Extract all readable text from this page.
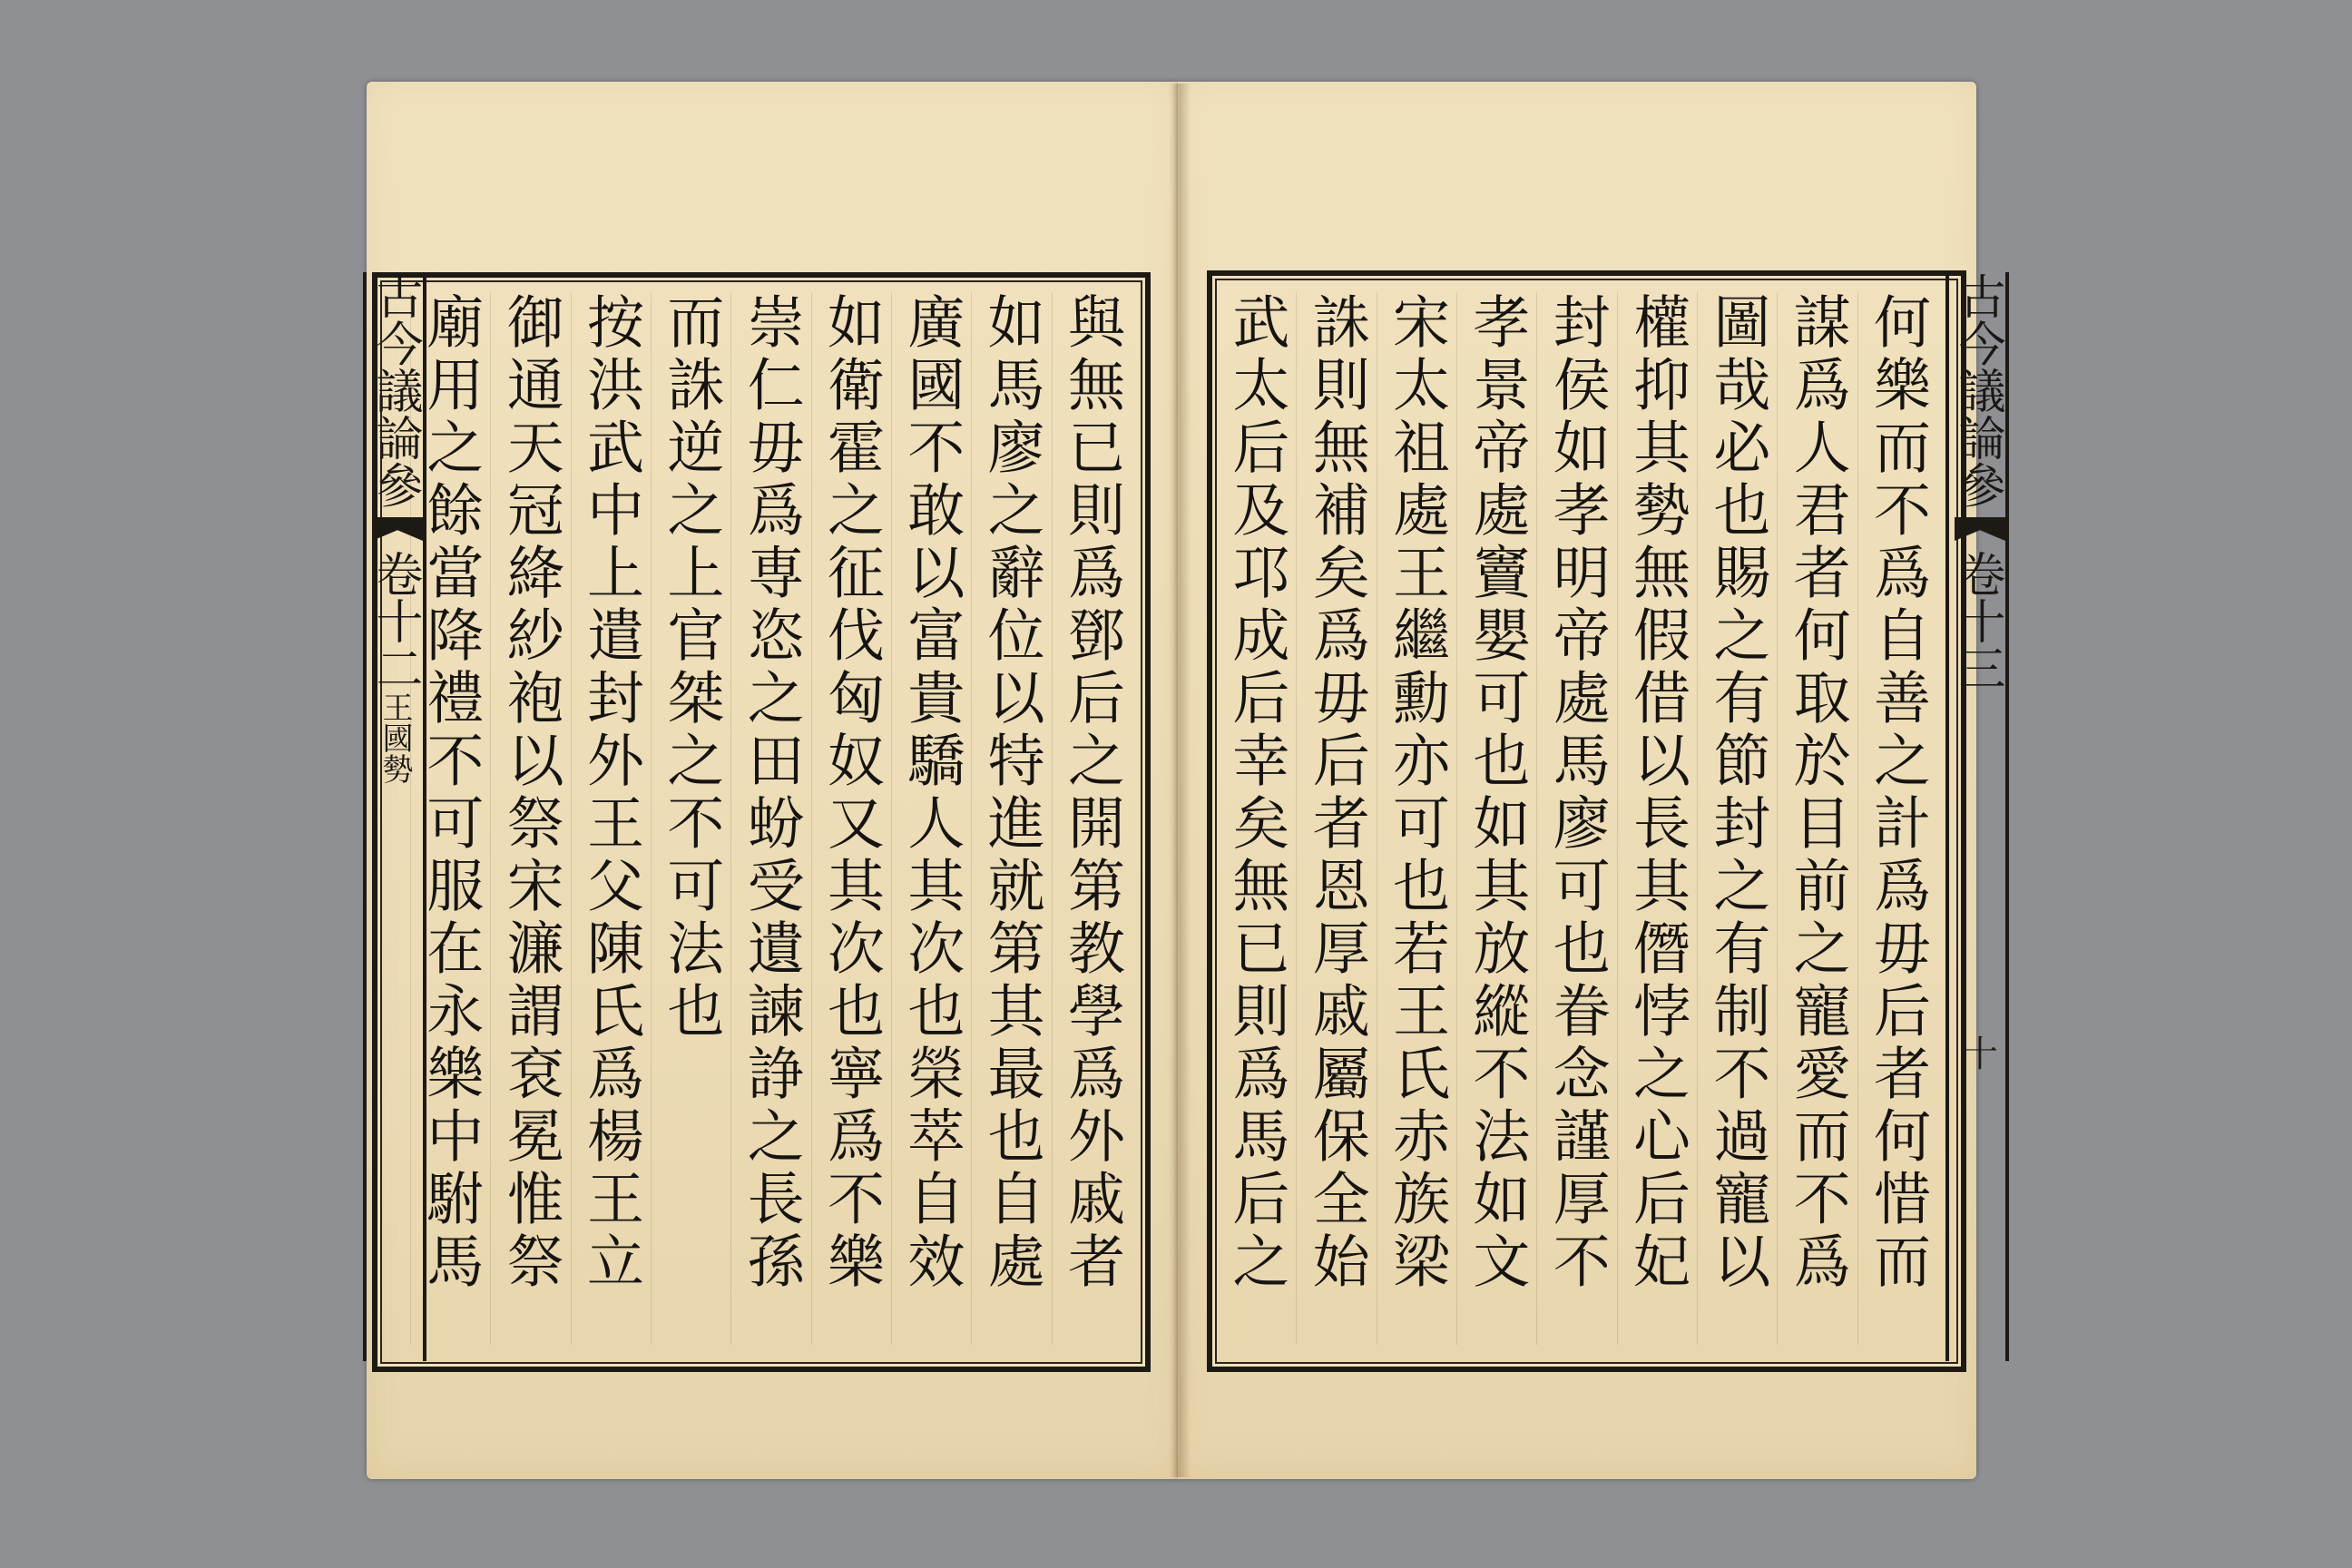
古今議論參
卷十二
王國勢
古今議論參
卷十三
十
與無已則爲鄧后之開第教學爲外戚者
如馬廖之辭位以特進就第其最也自處
廣國不敢以富貴驕人其次也榮萃自效
如衛霍之征伐匈奴又其次也寧爲不樂
崇仁毋爲専恣之田蚡受遺諫諍之長孫
而誅逆之上官桀之不可法也
按洪武中上遣封外王父陳氏爲楊王立
御通天冠絳紗袍以祭宋濂謂袞冕惟祭
廟用之餘當降禮不可服在永樂中駙馬
何樂而不爲自善之計爲毋后者何惜而
謀爲人君者何取於目前之寵愛而不爲
圖哉必也賜之有節封之有制不過寵以
權抑其勢無假借以長其僭悖之心后妃
封侯如孝明帝處馬廖可也眷念謹厚不
孝景帝處竇嬰可也如其放縱不法如文
宋太祖處王繼勳亦可也若王氏赤族梁
誅則無補矣爲毋后者恩厚戚屬保全始
武太后及邛成后幸矣無已則爲馬后之
